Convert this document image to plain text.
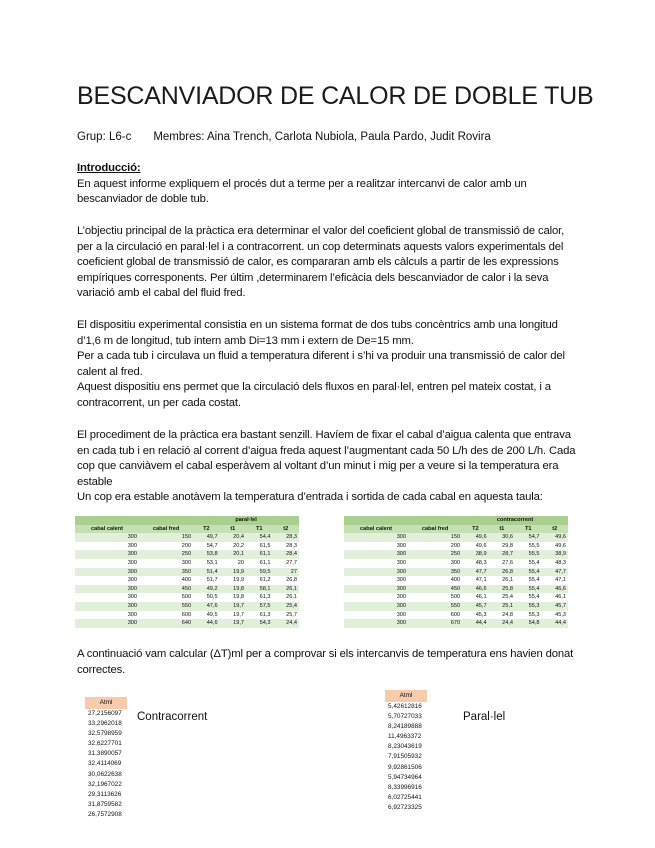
BESCANVIADOR DE CALOR DE DOBLE TUB
Grup: L6-c Membres: Aina Trench, Carlota Nubiola, Paula Pardo, Judit Rovira

Introducció:

En aquest informe expliquem el procés dut a terme per a realitzar intercanvi de calor amb un bescanviador de doble tub.

L’objectiu principal de la pràctica era determinar el valor del coeficient global de transmissió de calor, per a la circulació en paral·lel i a contracorrent. un cop determinats aquests valors experimentals del coeficient global de transmissió de calor, es compararan amb els càlculs a partir de les expressions empíriques corresponents. Per últim ,determinarem l’eficàcia dels bescanviador de calor i la seva variació amb el cabal del fluid fred.

El dispositiu experimental consistia en un sistema format de dos tubs concèntrics amb una longitud d’1,6 m de longitud, tub intern amb Di=13 mm i extern de De=15 mm.

Per a cada tub i circulava un fluid a temperatura diferent i s’hi va produir una transmissió de calor del calent al fred.

Aquest dispositiu ens permet que la circulació dels fluxos en paral·lel, entren pel mateix costat, i a contracorrent, un per cada costat.

El procediment de la pràctica era bastant senzill. Havíem de fixar el cabal d’aigua calenta que entrava en cada tub i en relació al corrent d’aigua freda aquest l’augmentant cada 50 L/h des de 200 L/h. Cada cop que canviàvem el cabal esperàvem al voltant d’un minut i mig per a veure si la temperatura era estable

Un cop era estable anotàvem la temperatura d’entrada i sortida de cada cabal en aquesta taula:

		paral·lel			
cabal calent	cabal fred	T2	t1	T1	t2
300	150	49,7	20,4	54,4	28,3
300	200	54,7	20,2	61,5	28,3
300	250	53,8	20,1	61,1	28,4
300	300	53,1	20	61,1	27,7
300	350	51,4	19,9	59,5	27
300	400	51,7	19,9	61,2	26,8
300	450	49,2	19,8	58,1	26,1
300	500	50,5	19,8	61,3	26,1
300	550	47,6	19,7	57,5	25,4
300	600	49,5	19,7	61,3	25,7
300	640	44,6	19,7	54,3	24,4
		contracorrent			
cabal calent	cabal fred	T2	t1	T1	t2
300	150	49,6	30,6	54,7	49,6
300	200	49,6	29,8	55,5	49,6
300	250	38,9	28,7	55,5	38,9
300	300	48,3	27,6	55,4	48,3
300	350	47,7	26,8	55,4	47,7
300	400	47,1	26,1	55,4	47,1
300	450	46,6	25,8	55,4	46,6
300	500	46,1	25,4	55,4	46,1
300	550	45,7	25,1	55,3	45,7
300	600	45,3	24,8	55,3	45,3
300	670	44,4	24,4	54,8	44,4

A continuació vam calcular (ΔT)ml per a comprovar si els intercanvis de temperatura ens havien donat correctes.

Atml
27,2156097
33,2962018
32,5798959
32,6227701
31,3890057
32,4114069
30,0622638
32,1967022
29,3113626
31,8759582
26,7572908
Contracorrent
Atml
5,42612816
5,70727033
8,24189888
11,4963372
8,23043619
7,91505932
9,92861506
5,94734964
8,33996916
6,02725441
6,92723325
Paral·lel
